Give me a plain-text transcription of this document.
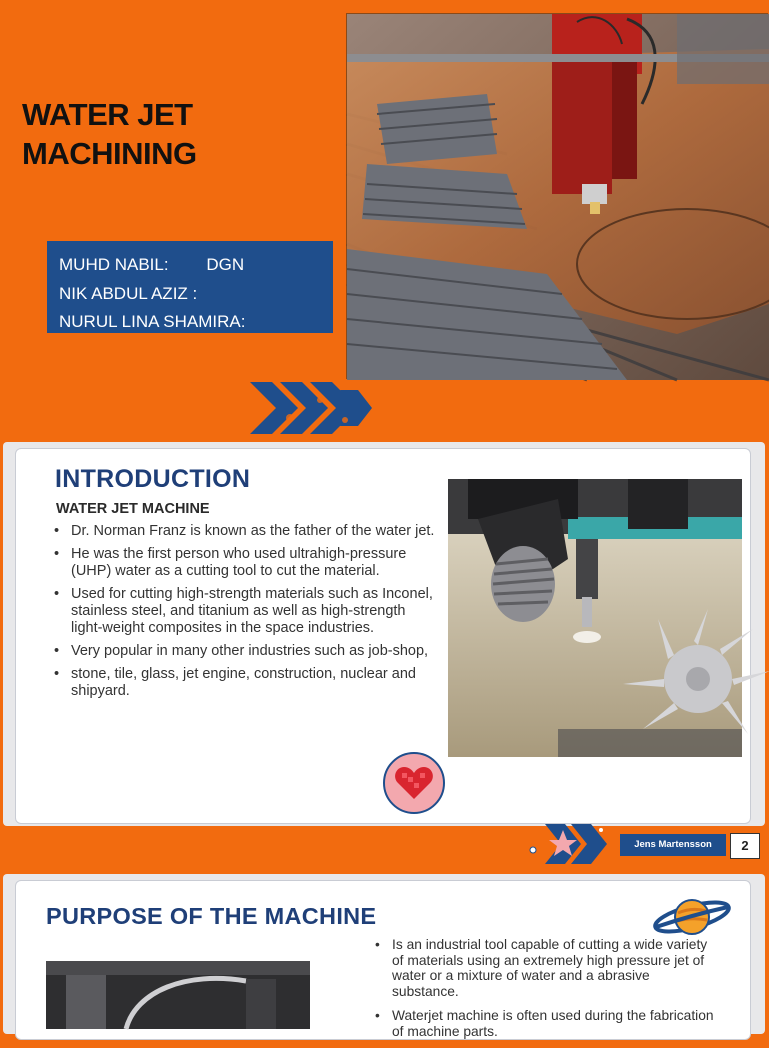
WATER JET
MACHINING
MUHD NABIL:        DGN
NIK ABDUL AZIZ :
NURUL LINA SHAMIRA:
INTRODUCTION
WATER JET MACHINE
• Dr. Norman Franz is known as the father of the water jet.
• He was the first person who used ultrahigh-pressure (UHP) water as a cutting tool to cut the material.
• Used for cutting high-strength materials such as Inconel, stainless steel, and titanium as well as high-strength light-weight composites in the space industries.
• Very popular in many other industries such as job-shop,
• stone, tile, glass, jet engine, construction, nuclear and shipyard.
Jens Martensson	2
PURPOSE OF THE MACHINE
• Is an industrial tool capable of cutting a wide variety of materials using an extremely high pressure jet of water or a mixture of water and a abrasive substance.
• Waterjet machine is often used during the fabrication of machine parts.
